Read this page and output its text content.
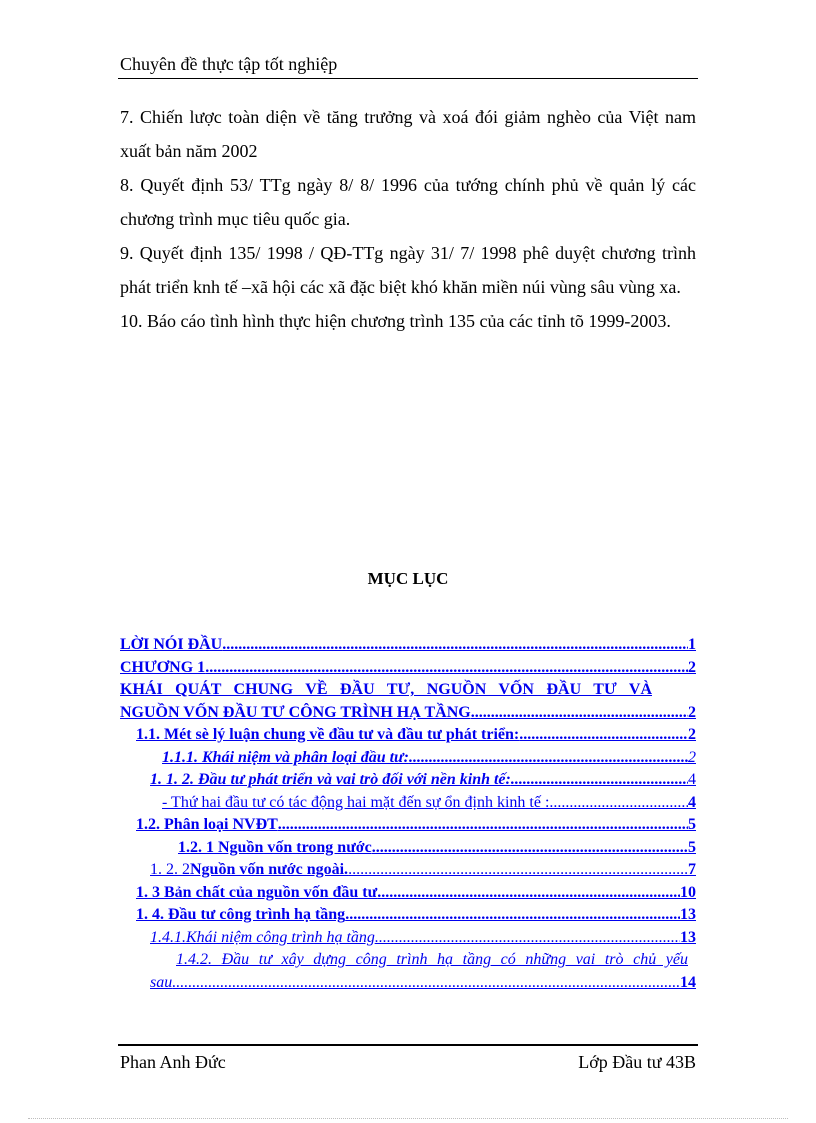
Chuyên đề thực tập tốt nghiệp

7. Chiến lược toàn diện về tăng trưởng và xoá đói giảm nghèo của Việt nam xuất bản năm 2002

8. Quyết định 53/ TTg ngày 8/ 8/ 1996 của tướng chính phủ về quản lý các chương trình mục tiêu quốc gia.

9. Quyết định 135/ 1998 / QĐ-TTg ngày 31/ 7/ 1998 phê duyệt chương trình phát triển knh tế –xã hội các xã đặc biệt khó khăn miền núi vùng sâu vùng xa.

10. Báo cáo tình hình thực hiện chương trình 135 của các tỉnh tõ 1999-2003.

MỤC LỤC
LỜI NÓI ĐẦU .....	1
CHƯƠNG 1 .....	2
KHÁI QUÁT CHUNG VỀ ĐẦU TƯ, NGUỒN VỐN ĐẦU TƯ VÀ
NGUỒN VỐN ĐẦU TƯ CÔNG TRÌNH HẠ TẦNG .....	2
1.1. Mét sè lý luận chung về đầu tư và đầu tư phát triển: .....	2
1.1.1. Khái niệm và phân loại đầu tư: .....	2
1. 1. 2. Đầu tư phát triển và vai trò đối với nền kinh tế: .....	4
- Thứ hai đầu tư có tác động hai mặt đến sự ổn định kinh tế : .....	4
1.2. Phân loại NVĐT .....	5
1.2. 1 Nguồn vốn trong nước .....	5
1. 2. 2 Nguồn vốn nước ngoài. .....	7
1. 3 Bản chất của nguồn vốn đầu tư .....	10
1. 4. Đầu tư công trình hạ tầng .....	13
1.4.1.Khái niệm công trình hạ tầng .....	13
1.4.2. Đầu tư xây dựng công trình hạ tầng có những vai trò chủ yếu
sau .....	14
Phan Anh Đức	Lớp Đầu tư 43B
